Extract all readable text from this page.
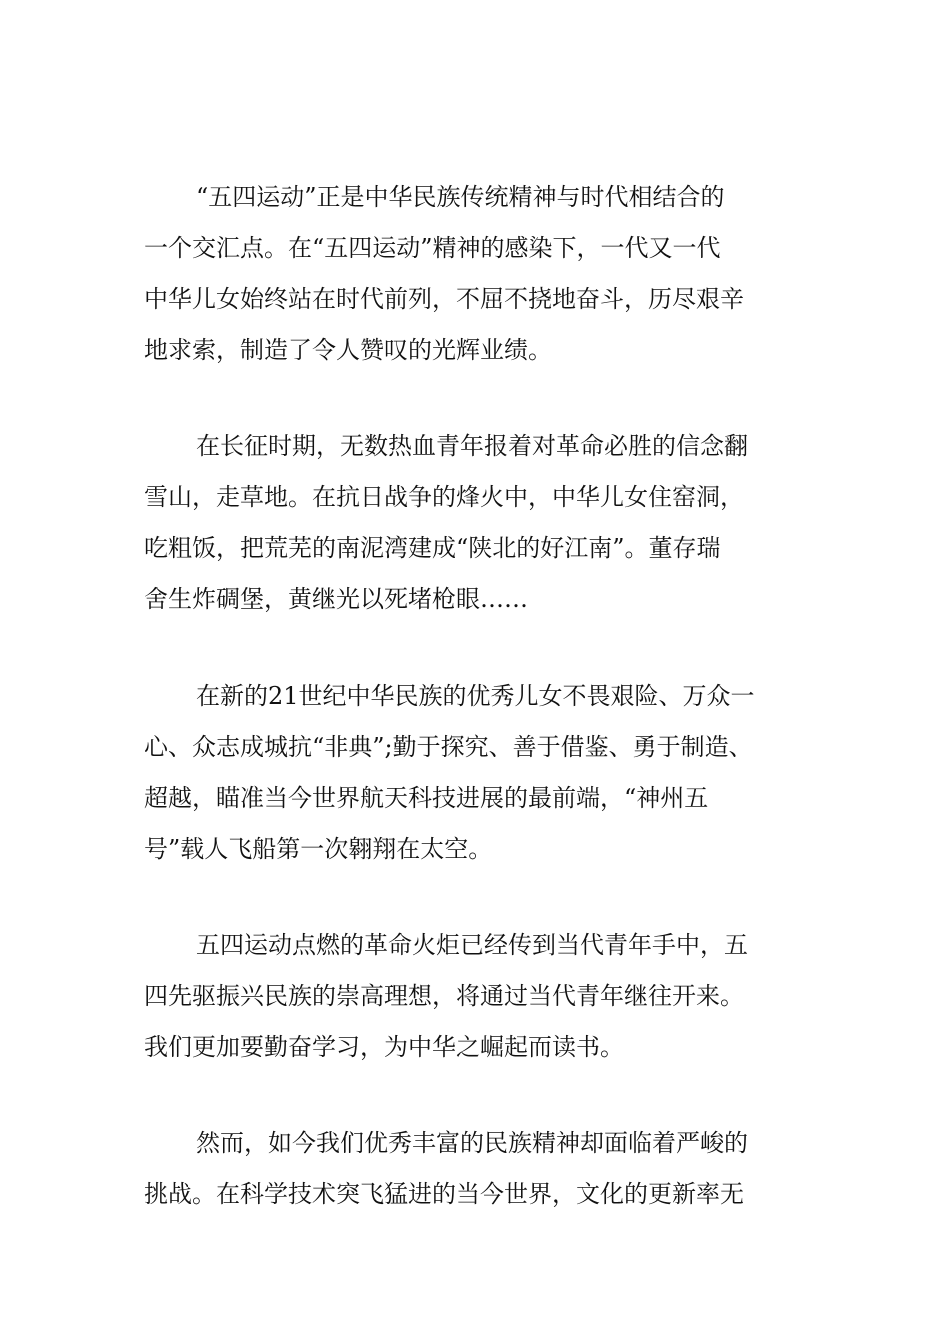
“五四运动”正是中华民族传统精神与时代相结合的
一个交汇点。在“五四运动”精神的感染下，一代又一代
中华儿女始终站在时代前列，不屈不挠地奋斗，历尽艰辛
地求索，制造了令人赞叹的光辉业绩。
在长征时期，无数热血青年报着对革命必胜的信念翻
雪山，走草地。在抗日战争的烽火中，中华儿女住窑洞，
吃粗饭，把荒芜的南泥湾建成“陕北的好江南”。董存瑞
舍生炸碉堡，黄继光以死堵枪眼……
在新的21世纪中华民族的优秀儿女不畏艰险、万众一
心、众志成城抗“非典”;勤于探究、善于借鉴、勇于制造、
超越，瞄准当今世界航天科技进展的最前端，“神州五
号”载人飞船第一次翱翔在太空。
五四运动点燃的革命火炬已经传到当代青年手中，五
四先驱振兴民族的崇高理想，将通过当代青年继往开来。
我们更加要勤奋学习，为中华之崛起而读书。
然而，如今我们优秀丰富的民族精神却面临着严峻的
挑战。在科学技术突飞猛进的当今世界，文化的更新率无
